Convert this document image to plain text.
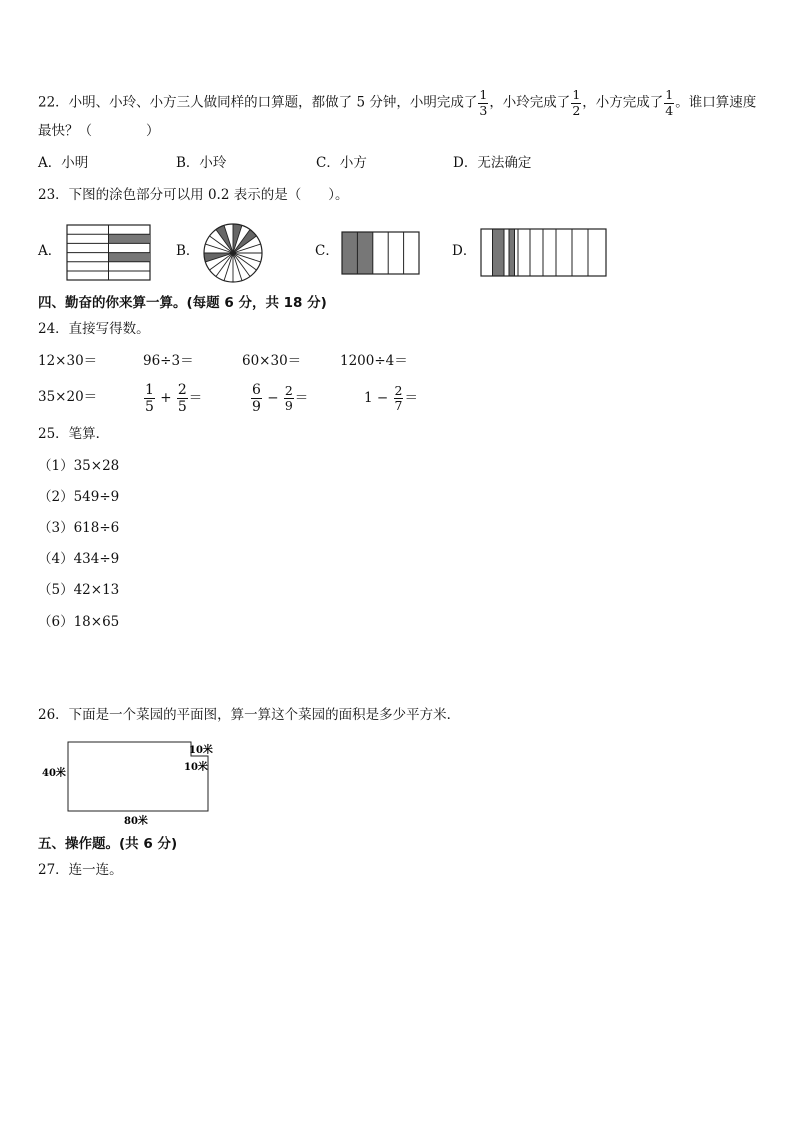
22．小明、小玲、小方三人做同样的口算题，都做了 5 分钟，小明完成了 $\frac{1}{3}$ ，小玲完成了 $\frac{1}{2}$ ，小方完成了 $\frac{1}{4}$ 。谁口算速度
最快？（　　　　）
A．小明	B．小玲	C．小方	D．无法确定
23．下图的涂色部分可以用 0.2 表示的是（　　）。
A．	B．	C．	D．
四、勤奋的你来算一算。(每题 6 分，共 18 分)
24．直接写得数。
12×30＝	96÷3＝	60×30＝	1200÷4＝
35×20＝	$\frac{1}{5} + \frac{2}{5}$ ＝	$\frac{6}{9} - \frac{2}{9}$ ＝	$1 - \frac{2}{7}$ ＝
25．笔算．
（1）35×28
（2）549÷9
（3）618÷6
（4）434÷9
（5）42×13
（6）18×65
26．下面是一个菜园的平面图，算一算这个菜园的面积是多少平方米．
40米
80米
10米
10米
五、操作题。(共 6 分)
27．连一连。
